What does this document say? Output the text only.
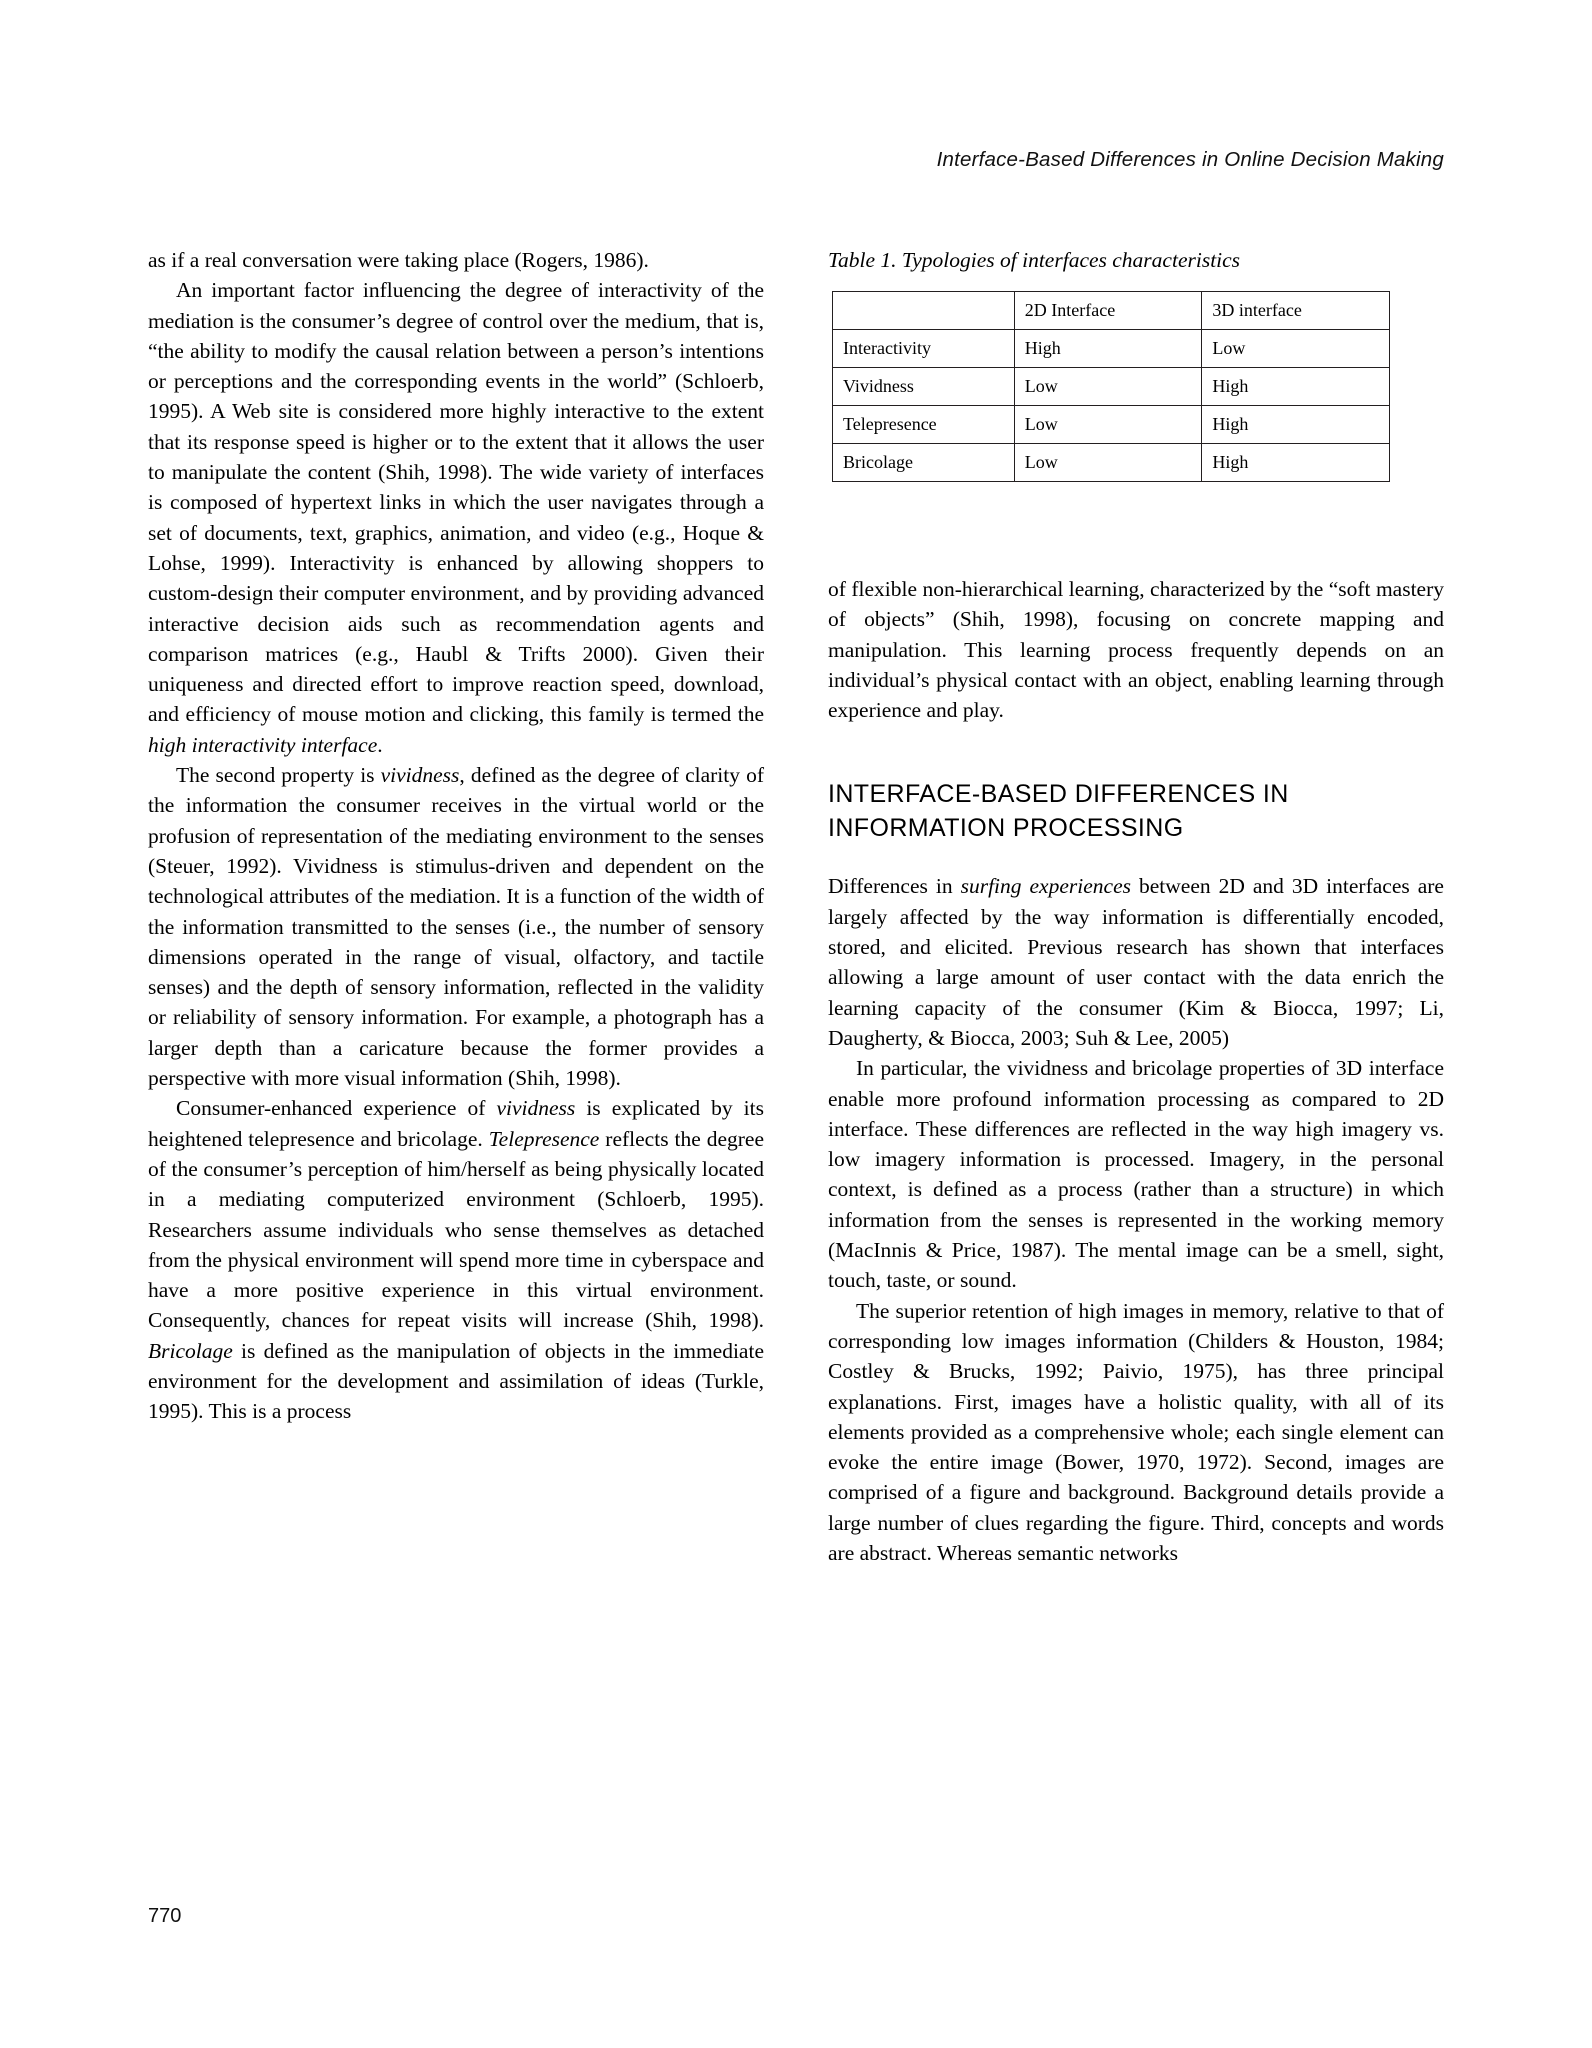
Interface-Based Differences in Online Decision Making

as if a real conversation were taking place (Rogers, 1986).

An important factor influencing the degree of interactivity of the mediation is the consumer’s degree of control over the medium, that is, “the ability to modify the causal relation between a person’s intentions or perceptions and the corresponding events in the world” (Schloerb, 1995). A Web site is considered more highly interactive to the extent that its response speed is higher or to the extent that it allows the user to manipulate the content (Shih, 1998). The wide variety of interfaces is composed of hypertext links in which the user navigates through a set of documents, text, graphics, animation, and video (e.g., Hoque & Lohse, 1999). Interactivity is enhanced by allowing shoppers to custom-design their computer environment, and by providing advanced interactive decision aids such as recommendation agents and comparison matrices (e.g., Haubl & Trifts 2000). Given their uniqueness and directed effort to improve reaction speed, download, and efficiency of mouse motion and clicking, this family is termed the high interactivity interface.

The second property is vividness, defined as the degree of clarity of the information the consumer receives in the virtual world or the profusion of representation of the mediating environment to the senses (Steuer, 1992). Vividness is stimulus-driven and dependent on the technological attributes of the mediation. It is a function of the width of the information transmitted to the senses (i.e., the number of sensory dimensions operated in the range of visual, olfactory, and tactile senses) and the depth of sensory information, reflected in the validity or reliability of sensory information. For example, a photograph has a larger depth than a caricature because the former provides a perspective with more visual information (Shih, 1998).

Consumer-enhanced experience of vividness is explicated by its heightened telepresence and bricolage. Telepresence reflects the degree of the consumer’s perception of him/herself as being physically located in a mediating computerized environment (Schloerb, 1995). Researchers assume individuals who sense themselves as detached from the physical environment will spend more time in cyberspace and have a more positive experience in this virtual environment. Consequently, chances for repeat visits will increase (Shih, 1998). Bricolage is defined as the manipulation of objects in the immediate environment for the development and assimilation of ideas (Turkle, 1995). This is a process

Table 1. Typologies of interfaces characteristics
	2D Interface	3D interface
Interactivity	High	Low
Vividness	Low	High
Telepresence	Low	High
Bricolage	Low	High

of flexible non-hierarchical learning, characterized by the “soft mastery of objects” (Shih, 1998), focusing on concrete mapping and manipulation. This learning process frequently depends on an individual’s physical contact with an object, enabling learning through experience and play.

INTERFACE-BASED DIFFERENCES IN INFORMATION PROCESSING

Differences in surfing experiences between 2D and 3D interfaces are largely affected by the way information is differentially encoded, stored, and elicited. Previous research has shown that interfaces allowing a large amount of user contact with the data enrich the learning capacity of the consumer (Kim & Biocca, 1997; Li, Daugherty, & Biocca, 2003; Suh & Lee, 2005)

In particular, the vividness and bricolage properties of 3D interface enable more profound information processing as compared to 2D interface. These differences are reflected in the way high imagery vs. low imagery information is processed. Imagery, in the personal context, is defined as a process (rather than a structure) in which information from the senses is represented in the working memory (MacInnis & Price, 1987). The mental image can be a smell, sight, touch, taste, or sound.

The superior retention of high images in memory, relative to that of corresponding low images information (Childers & Houston, 1984; Costley & Brucks, 1992; Paivio, 1975), has three principal explanations. First, images have a holistic quality, with all of its elements provided as a comprehensive whole; each single element can evoke the entire image (Bower, 1970, 1972). Second, images are comprised of a figure and background. Background details provide a large number of clues regarding the figure. Third, concepts and words are abstract. Whereas semantic networks

770
